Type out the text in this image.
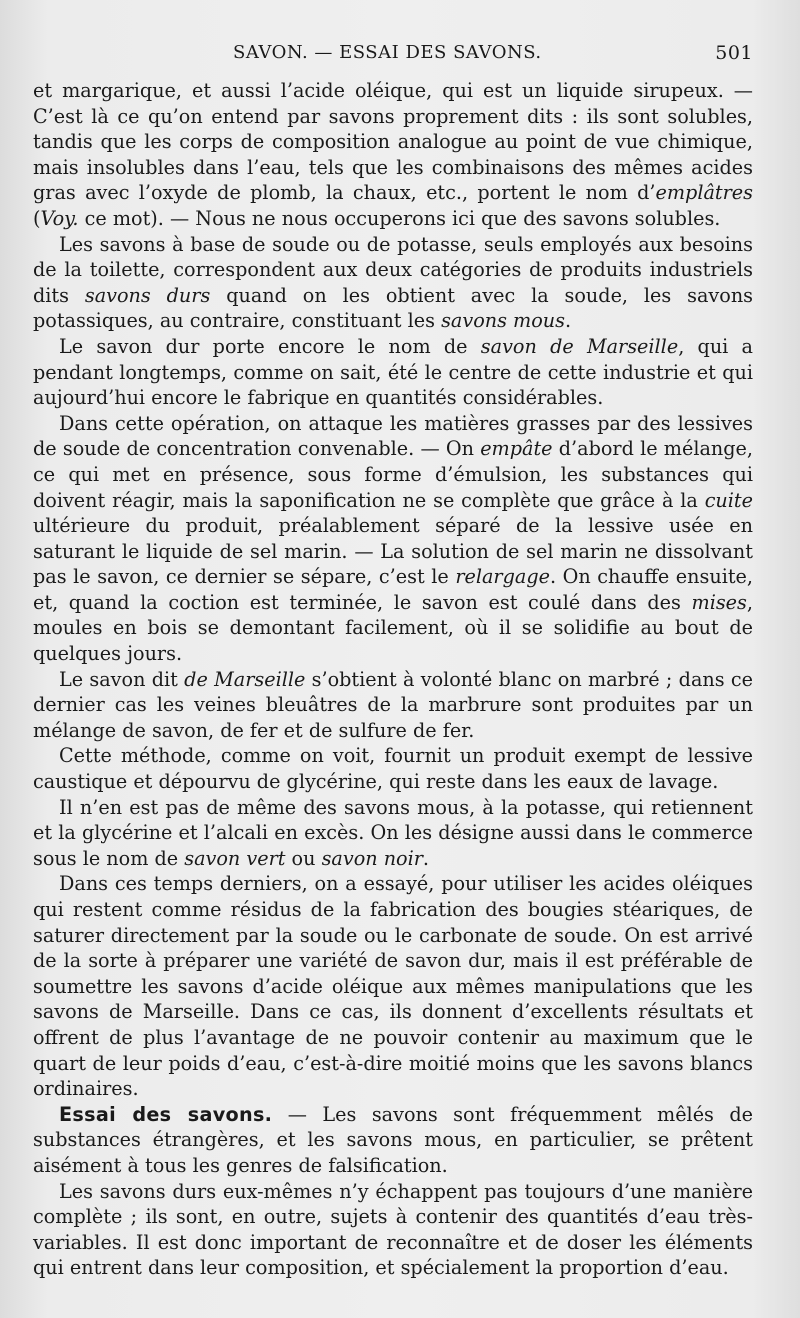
SAVON. — ESSAI DES SAVONS.	501

et margarique, et aussi l’acide oléique, qui est un liquide sirupeux. — C’est là ce qu’on entend par savons proprement dits : ils sont solubles, tandis que les corps de composition analogue au point de vue chimique, mais insolubles dans l’eau, tels que les combinaisons des mêmes acides gras avec l’oxyde de plomb, la chaux, etc., portent le nom d’emplâtres (Voy. ce mot). — Nous ne nous occuperons ici que des savons solubles.

Les savons à base de soude ou de potasse, seuls employés aux besoins de la toilette, correspondent aux deux catégories de produits industriels dits savons durs quand on les obtient avec la soude, les savons potassiques, au contraire, constituant les savons mous.

Le savon dur porte encore le nom de savon de Marseille, qui a pendant longtemps, comme on sait, été le centre de cette industrie et qui aujourd’hui encore le fabrique en quantités considérables.

Dans cette opération, on attaque les matières grasses par des lessives de soude de concentration convenable. — On empâte d’abord le mélange, ce qui met en présence, sous forme d’émulsion, les substances qui doivent réagir, mais la saponification ne se complète que grâce à la cuite ultérieure du produit, préalablement séparé de la lessive usée en saturant le liquide de sel marin. — La solution de sel marin ne dissolvant pas le savon, ce dernier se sépare, c’est le relargage. On chauffe ensuite, et, quand la coction est terminée, le savon est coulé dans des mises, moules en bois se demontant facilement, où il se solidifie au bout de quelques jours.

Le savon dit de Marseille s’obtient à volonté blanc on marbré ; dans ce dernier cas les veines bleuâtres de la marbrure sont produites par un mélange de savon, de fer et de sulfure de fer.

Cette méthode, comme on voit, fournit un produit exempt de lessive caustique et dépourvu de glycérine, qui reste dans les eaux de lavage.

Il n’en est pas de même des savons mous, à la potasse, qui retiennent et la glycérine et l’alcali en excès. On les désigne aussi dans le commerce sous le nom de savon vert ou savon noir.

Dans ces temps derniers, on a essayé, pour utiliser les acides oléiques qui restent comme résidus de la fabrication des bougies stéariques, de saturer directement par la soude ou le carbonate de soude. On est arrivé de la sorte à préparer une variété de savon dur, mais il est préférable de soumettre les savons d’acide oléique aux mêmes manipulations que les savons de Marseille. Dans ce cas, ils donnent d’excellents résultats et offrent de plus l’avantage de ne pouvoir contenir au maximum que le quart de leur poids d’eau, c’est-à-dire moitié moins que les savons blancs ordinaires.

Essai des savons. — Les savons sont fréquemment mêlés de substances étrangères, et les savons mous, en particulier, se prêtent aisément à tous les genres de falsification.

Les savons durs eux-mêmes n’y échappent pas toujours d’une manière complète ; ils sont, en outre, sujets à contenir des quantités d’eau très-variables. Il est donc important de reconnaître et de doser les éléments qui entrent dans leur composition, et spécialement la proportion d’eau.
